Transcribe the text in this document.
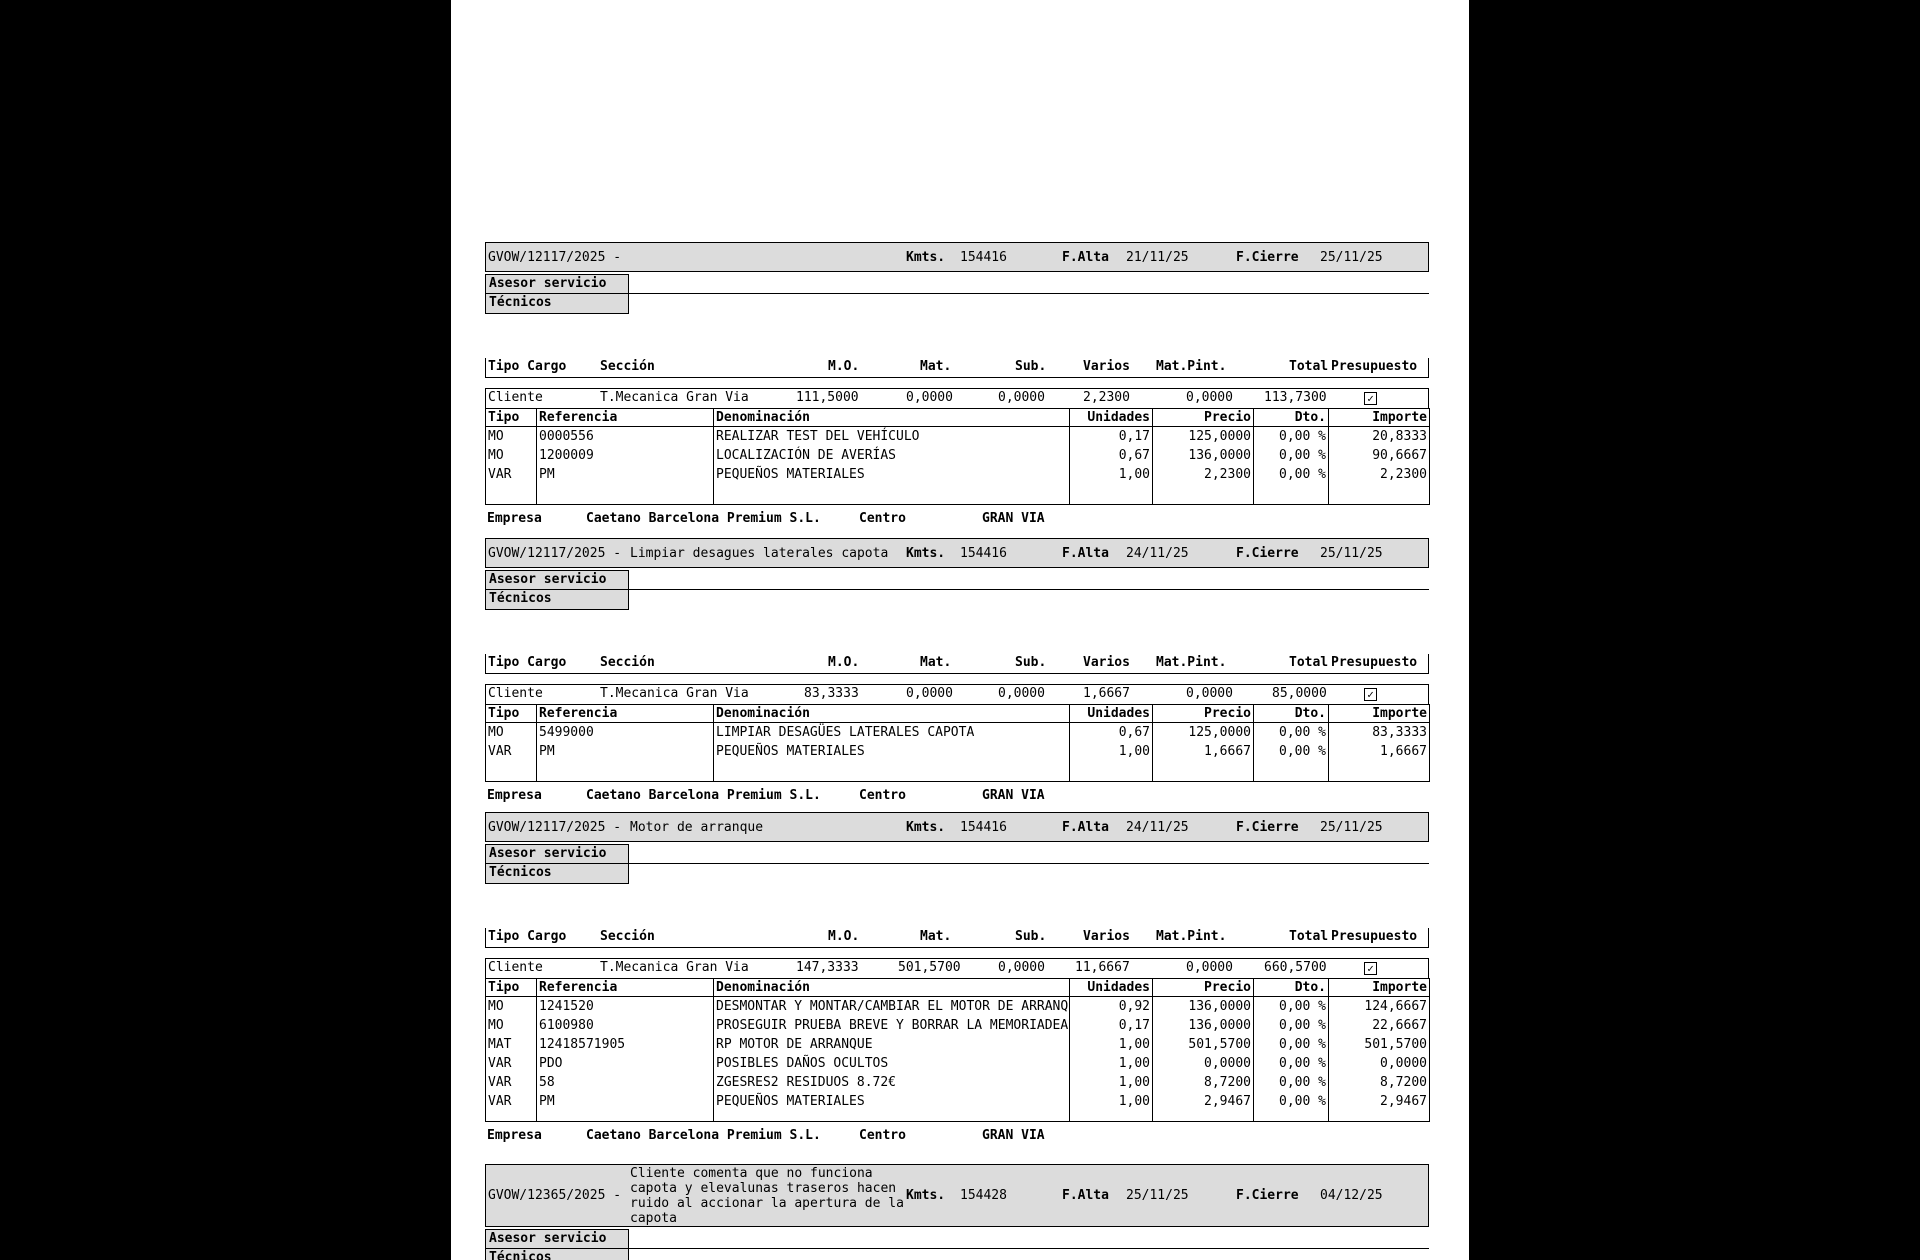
GVOW/12117/2025 -	Kmts. 154416	F.Alta 21/11/25	F.Cierre 25/11/25
Asesor servicio
Técnicos
Tipo Cargo	Sección	M.O.	Mat.	Sub.	Varios Mat.Pint.	Total Presupuesto
Cliente	T.Mecanica Gran Via	111,5000	0,0000	0,0000	2,2300	0,0000 113,7300	✓
Tipo	Referencia	Denominación	Unidades	Precio	Dto.	Importe
MO	0000556	REALIZAR TEST DEL VEHÍCULO	0,17	125,0000	0,00 %	20,8333
MO	1200009	LOCALIZACIÓN DE AVERÍAS	0,67	136,0000	0,00 %	90,6667
VAR	PM	PEQUEÑOS MATERIALES	1,00	2,2300	0,00 %	2,2300

Empresa	Caetano Barcelona Premium S.L.	Centro	GRAN VIA
GVOW/12117/2025 - Limpiar desagues laterales capota Kmts. 154416	F.Alta 24/11/25	F.Cierre 25/11/25
Asesor servicio
Técnicos
Tipo Cargo	Sección	M.O.	Mat.	Sub.	Varios Mat.Pint.	Total Presupuesto
Cliente	T.Mecanica Gran Via	83,3333	0,0000	0,0000	1,6667	0,0000	85,0000	✓
Tipo	Referencia	Denominación	Unidades	Precio	Dto.	Importe
MO	5499000	LIMPIAR DESAGÜES LATERALES CAPOTA	0,67	125,0000	0,00 %	83,3333
VAR	PM	PEQUEÑOS MATERIALES	1,00	1,6667	0,00 %	1,6667

Empresa	Caetano Barcelona Premium S.L.	Centro	GRAN VIA
GVOW/12117/2025 - Motor de arranque	Kmts. 154416	F.Alta 24/11/25	F.Cierre 25/11/25
Asesor servicio
Técnicos
Tipo Cargo	Sección	M.O.	Mat.	Sub.	Varios Mat.Pint.	Total Presupuesto
Cliente	T.Mecanica Gran Via	147,3333	501,5700	0,0000 11,6667	0,0000 660,5700	✓
Tipo	Referencia	Denominación	Unidades	Precio	Dto.	Importe
MO	1241520	DESMONTAR Y MONTAR/CAMBIAR EL MOTOR DE ARRANQ	0,92	136,0000	0,00 %	124,6667
MO	6100980	PROSEGUIR PRUEBA BREVE Y BORRAR LA MEMORIADEA	0,17	136,0000	0,00 %	22,6667
MAT	12418571905	RP MOTOR DE ARRANQUE	1,00	501,5700	0,00 %	501,5700
VAR	PDO	POSIBLES DAÑOS OCULTOS	1,00	0,0000	0,00 %	0,0000
VAR	58	ZGESRES2 RESIDUOS 8.72€	1,00	8,7200	0,00 %	8,7200
VAR	PM	PEQUEÑOS MATERIALES	1,00	2,9467	0,00 %	2,9467

Empresa	Caetano Barcelona Premium S.L.	Centro	GRAN VIA
GVOW/12365/2025 -
Cliente comenta que no funciona
capota y elevalunas traseros hacen
ruido al accionar la apertura de la
capota
Kmts. 154428	F.Alta 25/11/25	F.Cierre 04/12/25
Asesor servicio
Técnicos
